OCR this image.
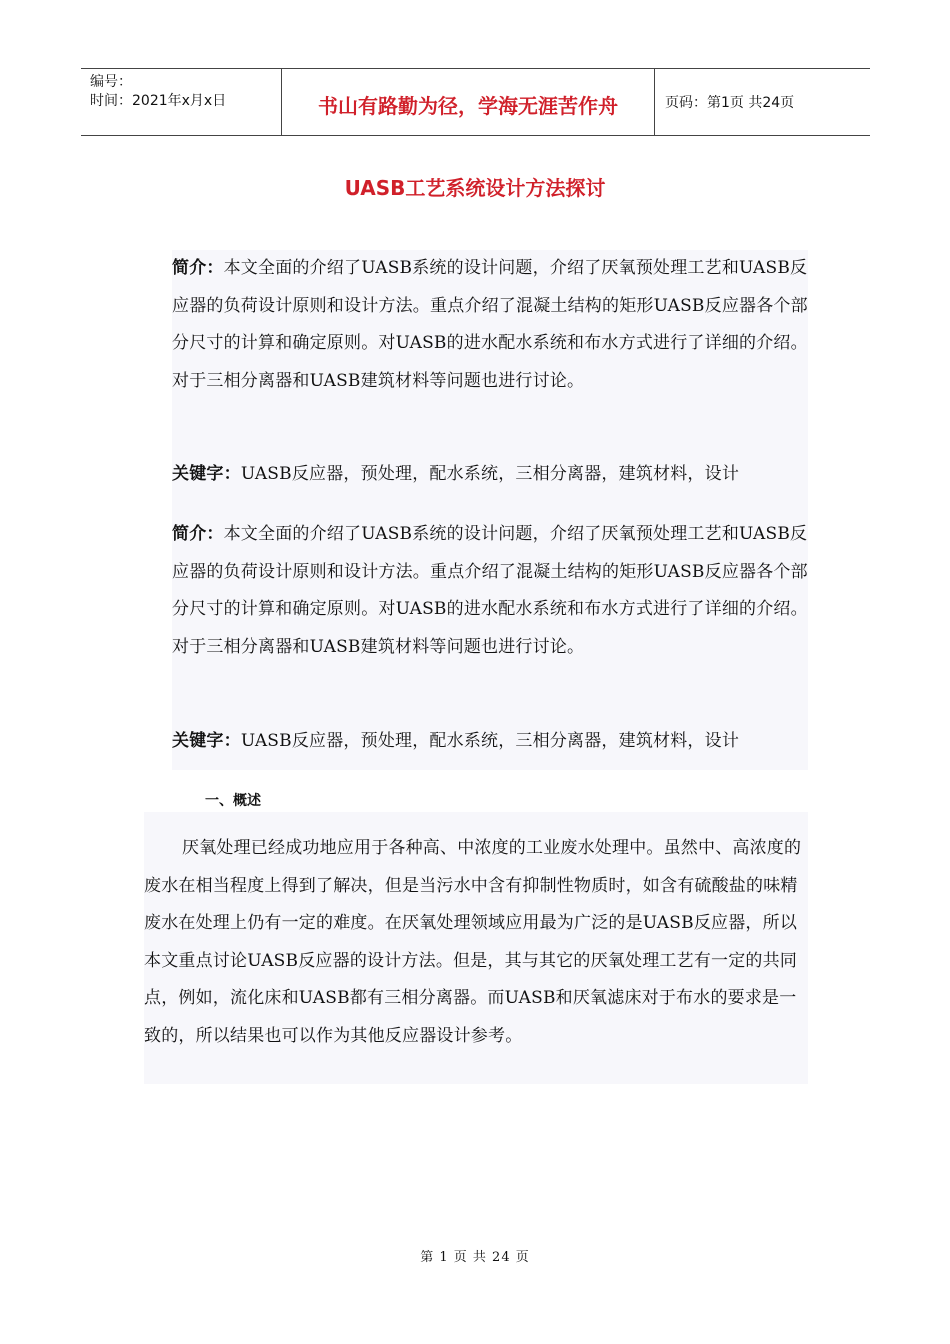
编号：
时间：2021年x月x日	书山有路勤为径，学海无涯苦作舟	页码：第1页 共24页
UASB工艺系统设计方法探讨

简介：本文全面的介绍了UASB系统的设计问题，介绍了厌氧预处理工艺和UASB反应器的负荷设计原则和设计方法。重点介绍了混凝土结构的矩形UASB反应器各个部分尺寸的计算和确定原则。对UASB的进水配水系统和布水方式进行了详细的介绍。对于三相分离器和UASB建筑材料等问题也进行讨论。

关键字：UASB反应器，预处理，配水系统，三相分离器，建筑材料，设计

简介：本文全面的介绍了UASB系统的设计问题，介绍了厌氧预处理工艺和UASB反应器的负荷设计原则和设计方法。重点介绍了混凝土结构的矩形UASB反应器各个部分尺寸的计算和确定原则。对UASB的进水配水系统和布水方式进行了详细的介绍。对于三相分离器和UASB建筑材料等问题也进行讨论。

关键字：UASB反应器，预处理，配水系统，三相分离器，建筑材料，设计

一、概述

厌氧处理已经成功地应用于各种高、中浓度的工业废水处理中。虽然中、高浓度的废水在相当程度上得到了解决，但是当污水中含有抑制性物质时，如含有硫酸盐的味精废水在处理上仍有一定的难度。在厌氧处理领域应用最为广泛的是UASB反应器，所以本文重点讨论UASB反应器的设计方法。但是，其与其它的厌氧处理工艺有一定的共同点，例如，流化床和UASB都有三相分离器。而UASB和厌氧滤床对于布水的要求是一致的，所以结果也可以作为其他反应器设计参考。

第 1 页 共 24 页
